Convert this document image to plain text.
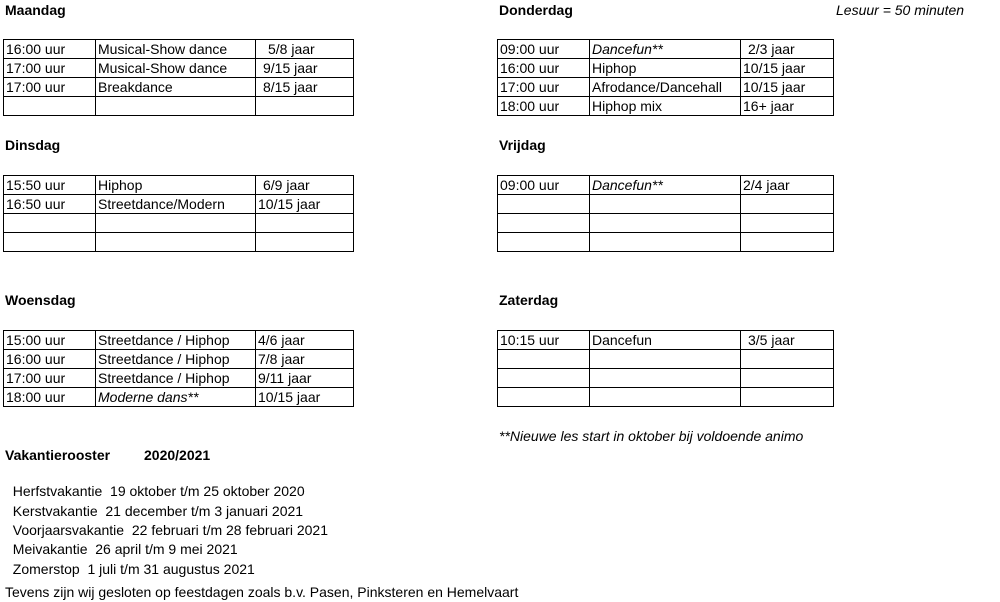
Lesuur = 50 minuten
Maandag
16:00 uur	Musical-Show dance	5/8 jaar
17:00 uur	Musical-Show dance	9/15 jaar
17:00 uur	Breakdance	8/15 jaar

Dinsdag
15:50 uur	Hiphop	6/9 jaar
16:50 uur	Streetdance/Modern	10/15 jaar

Woensdag
15:00 uur	Streetdance / Hiphop	4/6 jaar
16:00 uur	Streetdance / Hiphop	7/8 jaar
17:00 uur	Streetdance / Hiphop	9/11 jaar
18:00 uur	Moderne dans**	10/15 jaar
Donderdag
09:00 uur	Dancefun**	2/3 jaar
16:00 uur	Hiphop	10/15 jaar
17:00 uur	Afrodance/Dancehall	10/15 jaar
18:00 uur	Hiphop mix	16+ jaar
Vrijdag
09:00 uur	Dancefun**	2/4 jaar

Zaterdag
10:15 uur	Dancefun	3/5 jaar

**Nieuwe les start in oktober bij voldoende animo
Vakantierooster 2020/2021

Herfstvakantie 19 oktober t/m 25 oktober 2020

Kerstvakantie 21 december t/m 3 januari 2021

Voorjaarsvakantie 22 februari t/m 28 februari 2021

Meivakantie 26 april t/m 9 mei 2021

Zomerstop 1 juli t/m 31 augustus 2021

Tevens zijn wij gesloten op feestdagen zoals b.v. Pasen, Pinksteren en Hemelvaart
